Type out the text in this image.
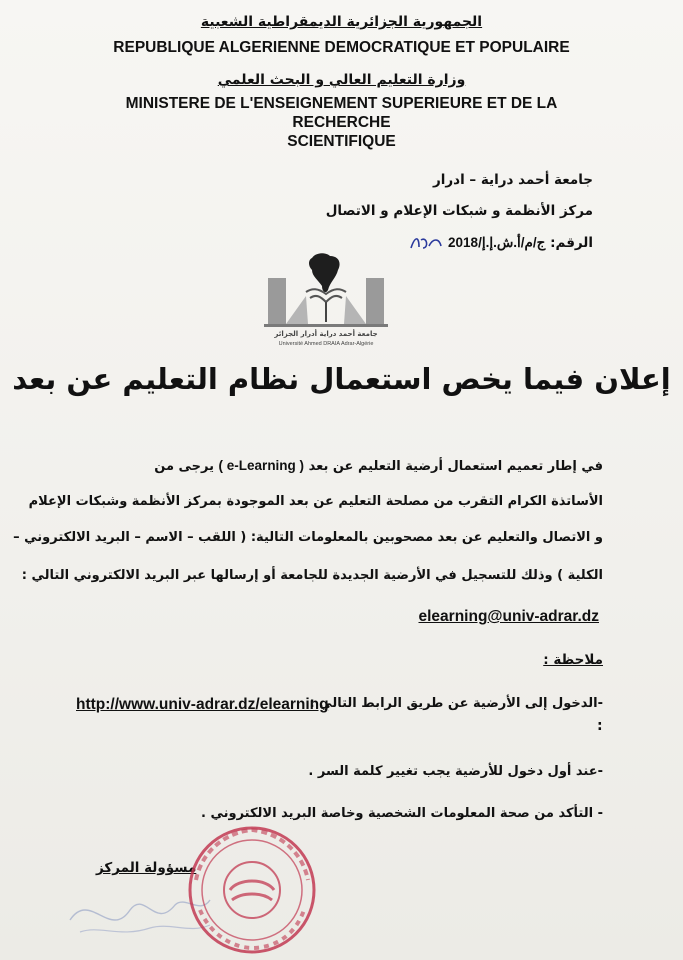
الجمهورية الجزائرية الديمقراطية الشعبية
REPUBLIQUE ALGERIENNE DEMOCRATIQUE ET POPULAIRE
وزارة التعليم العالي و البحث العلمي
MINISTERE DE L'ENSEIGNEMENT SUPERIEURE ET DE LA
RECHERCHE
SCIENTIFIQUE
جامعة أحمد دراية – ادرار
مركز الأنظمة و شبكات الإعلام و الاتصال
الرقم: ج/م/أ.ش.إ.إ/2018
جامعة أحمد دراية أدرار الجزائر
Université Ahmed DRAIA Adrar-Algérie
إعلان فيما يخص استعمال نظام التعليم عن بعد
في إطار تعميم استعمال أرضية التعليم عن بعد ( e-Learning ) يرجى من
الأساتذة الكرام التقرب من مصلحة التعليم عن بعد الموجودة بمركز الأنظمة وشبكات الإعلام
و الاتصال والتعليم عن بعد مصحوبين بالمعلومات التالية: ( اللقب – الاسم – البريد الالكتروني –
الكلية ) وذلك للتسجيل في الأرضية الجديدة للجامعة أو إرسالها عبر البريد الالكتروني التالي :
elearning@univ-adrar.dz
ملاحظة :
-الدخول إلى الأرضية عن طريق الرابط التالي :
http://www.univ-adrar.dz/elearning
:
-عند أول دخول للأرضية يجب تغيير كلمة السر .
- التأكد من صحة المعلومات الشخصية وخاصة البريد الالكتروني .
مسؤولة المركز
